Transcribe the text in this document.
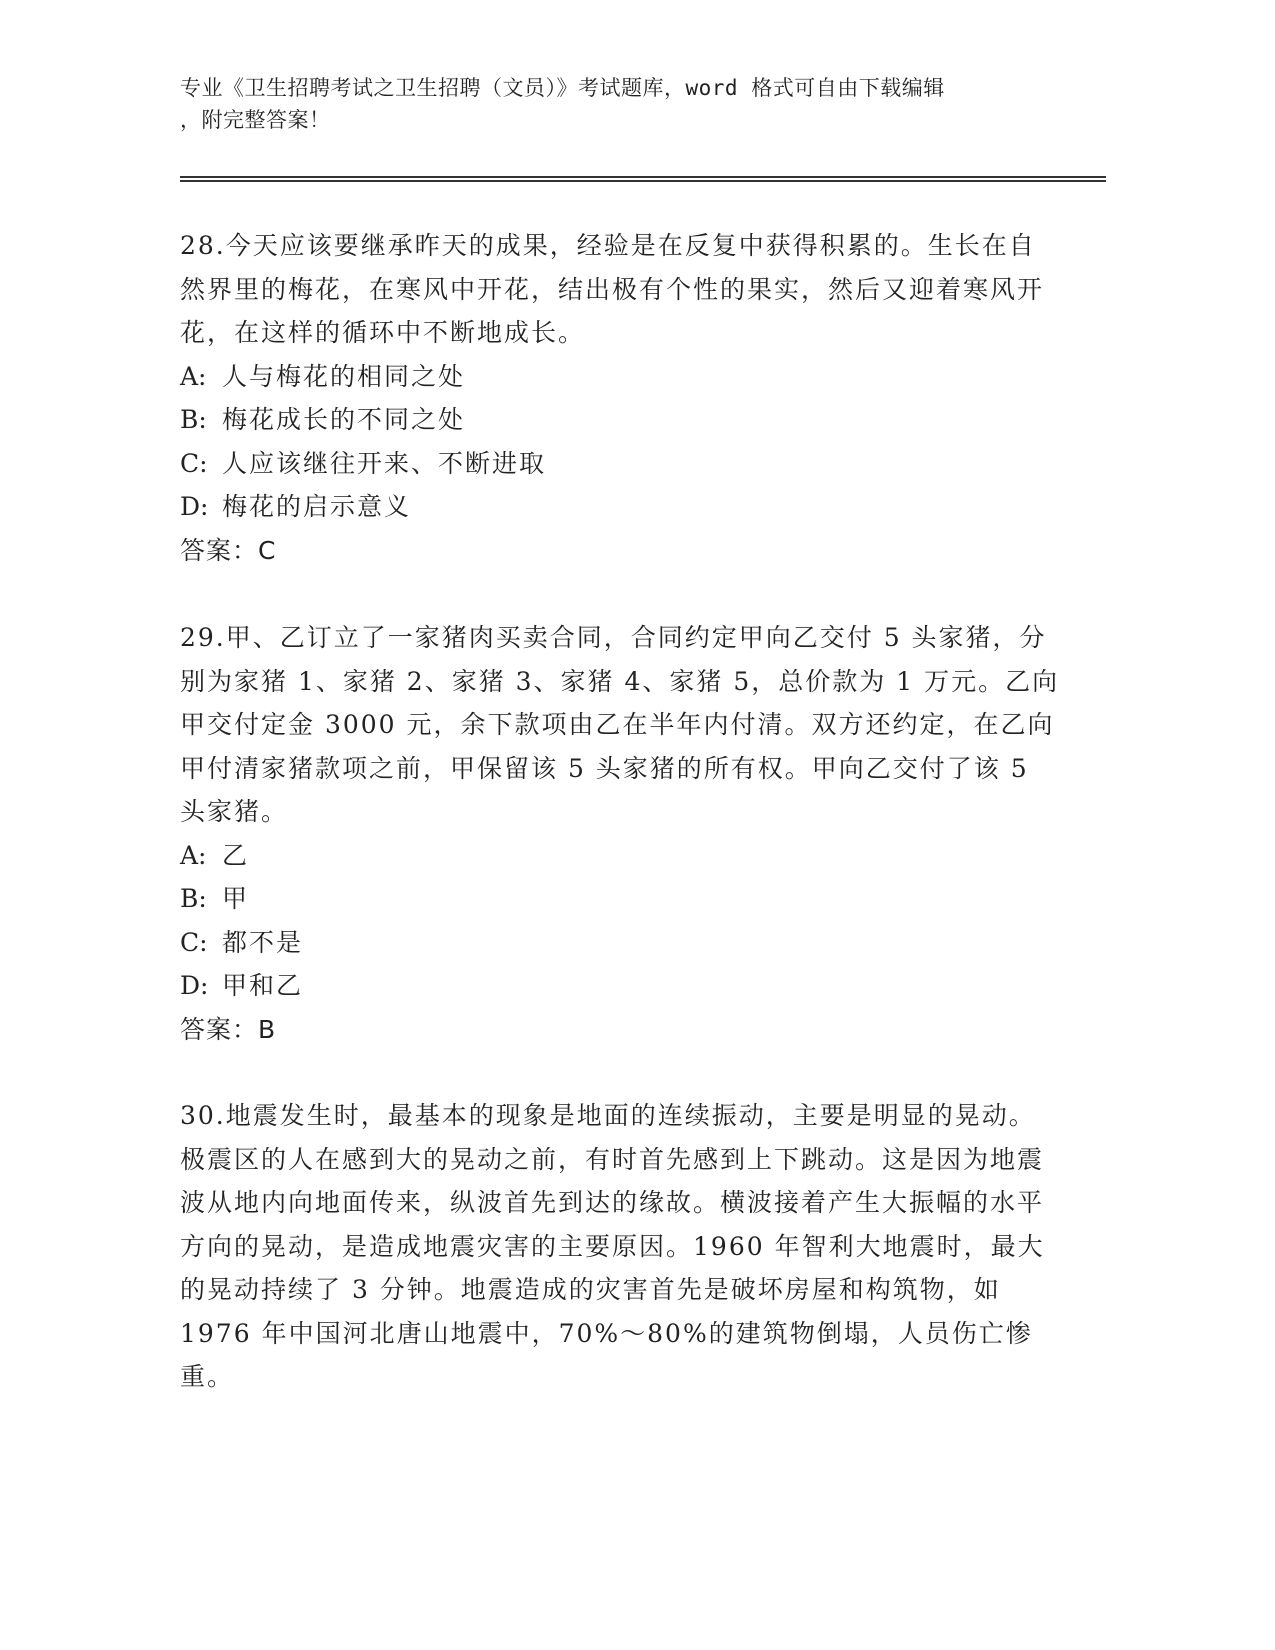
专业《卫生招聘考试之卫生招聘（文员）》考试题库，word 格式可自由下载编辑
，附完整答案！

28.今天应该要继承昨天的成果，经验是在反复中获得积累的。生长在自然界里的梅花，在寒风中开花，结出极有个性的果实，然后又迎着寒风开花，在这样的循环中不断地成长。

A: 人与梅花的相同之处

B: 梅花成长的不同之处

C: 人应该继往开来、不断进取

D: 梅花的启示意义

答案：C

29.甲、乙订立了一家猪肉买卖合同，合同约定甲向乙交付 5 头家猪，分别为家猪 1、家猪 2、家猪 3、家猪 4、家猪 5，总价款为 1 万元。乙向甲交付定金 3000 元，余下款项由乙在半年内付清。双方还约定，在乙向甲付清家猪款项之前，甲保留该 5 头家猪的所有权。甲向乙交付了该 5 头家猪。

A: 乙

B: 甲

C: 都不是

D: 甲和乙

答案：B

30.地震发生时，最基本的现象是地面的连续振动，主要是明显的晃动。极震区的人在感到大的晃动之前，有时首先感到上下跳动。这是因为地震波从地内向地面传来，纵波首先到达的缘故。横波接着产生大振幅的水平方向的晃动，是造成地震灾害的主要原因。1960 年智利大地震时，最大的晃动持续了 3 分钟。地震造成的灾害首先是破坏房屋和构筑物，如 1976 年中国河北唐山地震中，70%～80%的建筑物倒塌，人员伤亡惨重。
